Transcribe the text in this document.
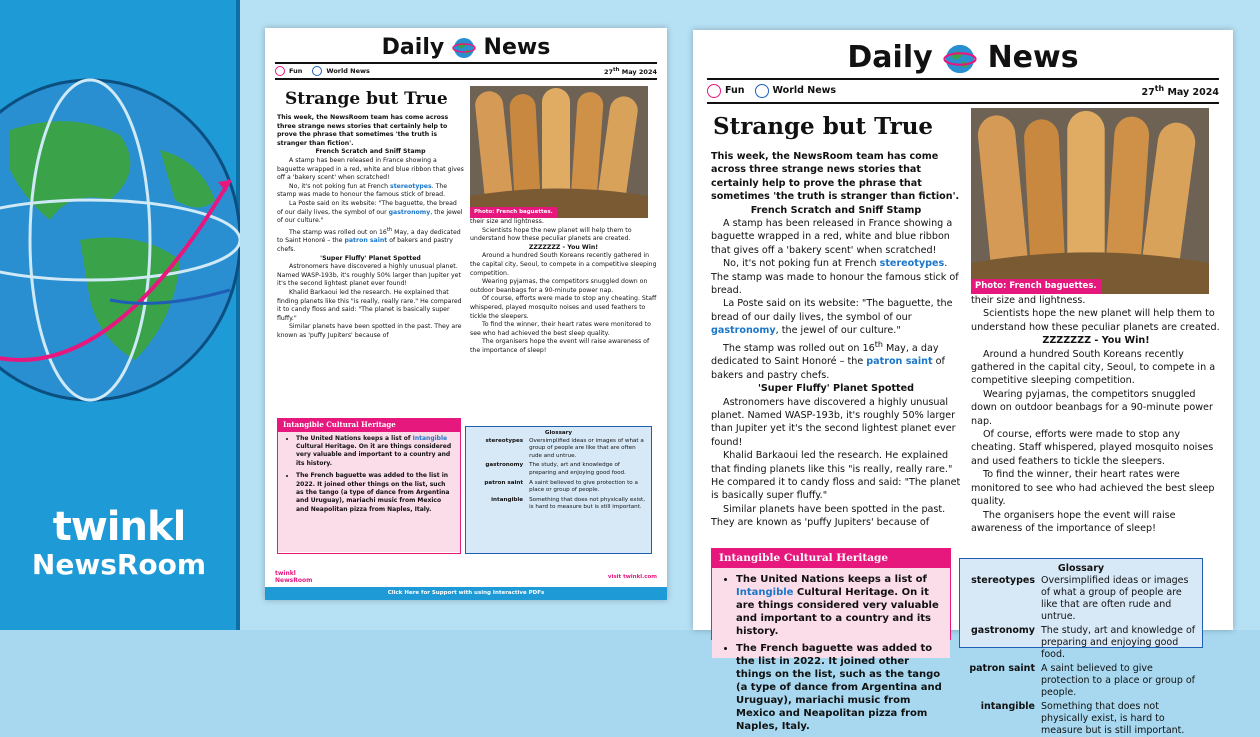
twinkl
NewsRoom
Daily News
Fun	World News	27th May 2024
Strange but True

This week, the NewsRoom team has come across three strange news stories that certainly help to prove the phrase that sometimes 'the truth is stranger than fiction'.

French Scratch and Sniff Stamp

A stamp has been released in France showing a baguette wrapped in a red, white and blue ribbon that gives off a 'bakery scent' when scratched!

No, it's not poking fun at French stereotypes. The stamp was made to honour the famous stick of bread.

La Poste said on its website: "The baguette, the bread of our daily lives, the symbol of our gastronomy, the jewel of our culture."

The stamp was rolled out on 16th May, a day dedicated to Saint Honoré – the patron saint of bakers and pastry chefs.

'Super Fluffy' Planet Spotted

Astronomers have discovered a highly unusual planet. Named WASP-193b, it's roughly 50% larger than Jupiter yet it's the second lightest planet ever found!

Khalid Barkaoui led the research. He explained that finding planets like this "is really, really rare." He compared it to candy floss and said: "The planet is basically super fluffy."

Similar planets have been spotted in the past. They are known as 'puffy Jupiters' because of

Photo: French baguettes.

their size and lightness.

Scientists hope the new planet will help them to understand how these peculiar planets are created.

ZZZZZZZ - You Win!

Around a hundred South Koreans recently gathered in the capital city, Seoul, to compete in a competitive sleeping competition.

Wearing pyjamas, the competitors snuggled down on outdoor beanbags for a 90-minute power nap.

Of course, efforts were made to stop any cheating. Staff whispered, played mosquito noises and used feathers to tickle the sleepers.

To find the winner, their heart rates were monitored to see who had achieved the best sleep quality.

The organisers hope the event will raise awareness of the importance of sleep!

Intangible Cultural Heritage
• The United Nations keeps a list of Intangible Cultural Heritage. On it are things considered very valuable and important to a country and its history.
• The French baguette was added to the list in 2022. It joined other things on the list, such as the tango (a type of dance from Argentina and Uruguay), mariachi music from Mexico and Neapolitan pizza from Naples, Italy.
Glossary
stereotypes	Oversimplified ideas or images of what a group of people are like that are often rude and untrue.
gastronomy	The study, art and knowledge of preparing and enjoying good food.
patron saint	A saint believed to give protection to a place or group of people.
intangible	Something that does not physically exist, is hard to measure but is still important.
twinkl
NewsRoom
visit twinkl.com
Click Here for Support with using Interactive PDFs
Daily News
Fun	World News	27th May 2024
Strange but True

This week, the NewsRoom team has come across three strange news stories that certainly help to prove the phrase that sometimes 'the truth is stranger than fiction'.

French Scratch and Sniff Stamp

A stamp has been released in France showing a baguette wrapped in a red, white and blue ribbon that gives off a 'bakery scent' when scratched!

No, it's not poking fun at French stereotypes. The stamp was made to honour the famous stick of bread.

La Poste said on its website: "The baguette, the bread of our daily lives, the symbol of our gastronomy, the jewel of our culture."

The stamp was rolled out on 16th May, a day dedicated to Saint Honoré – the patron saint of bakers and pastry chefs.

'Super Fluffy' Planet Spotted

Astronomers have discovered a highly unusual planet. Named WASP-193b, it's roughly 50% larger than Jupiter yet it's the second lightest planet ever found!

Khalid Barkaoui led the research. He explained that finding planets like this "is really, really rare." He compared it to candy floss and said: "The planet is basically super fluffy."

Similar planets have been spotted in the past. They are known as 'puffy Jupiters' because of

Photo: French baguettes.

their size and lightness.

Scientists hope the new planet will help them to understand how these peculiar planets are created.

ZZZZZZZ - You Win!

Around a hundred South Koreans recently gathered in the capital city, Seoul, to compete in a competitive sleeping competition.

Wearing pyjamas, the competitors snuggled down on outdoor beanbags for a 90-minute power nap.

Of course, efforts were made to stop any cheating. Staff whispered, played mosquito noises and used feathers to tickle the sleepers.

To find the winner, their heart rates were monitored to see who had achieved the best sleep quality.

The organisers hope the event will raise awareness of the importance of sleep!

Intangible Cultural Heritage
• The United Nations keeps a list of Intangible Cultural Heritage. On it are things considered very valuable and important to a country and its history.
• The French baguette was added to the list in 2022. It joined other things on the list, such as the tango (a type of dance from Argentina and Uruguay), mariachi music from Mexico and Neapolitan pizza from Naples, Italy.
Glossary
stereotypes Oversimplified ideas or images of what a group of people are like that are often rude and untrue.
gastronomy The study, art and knowledge of preparing and enjoying good food.
patron saint A saint believed to give protection to a place or group of people.
intangible Something that does not physically exist, is hard to measure but is still important.
